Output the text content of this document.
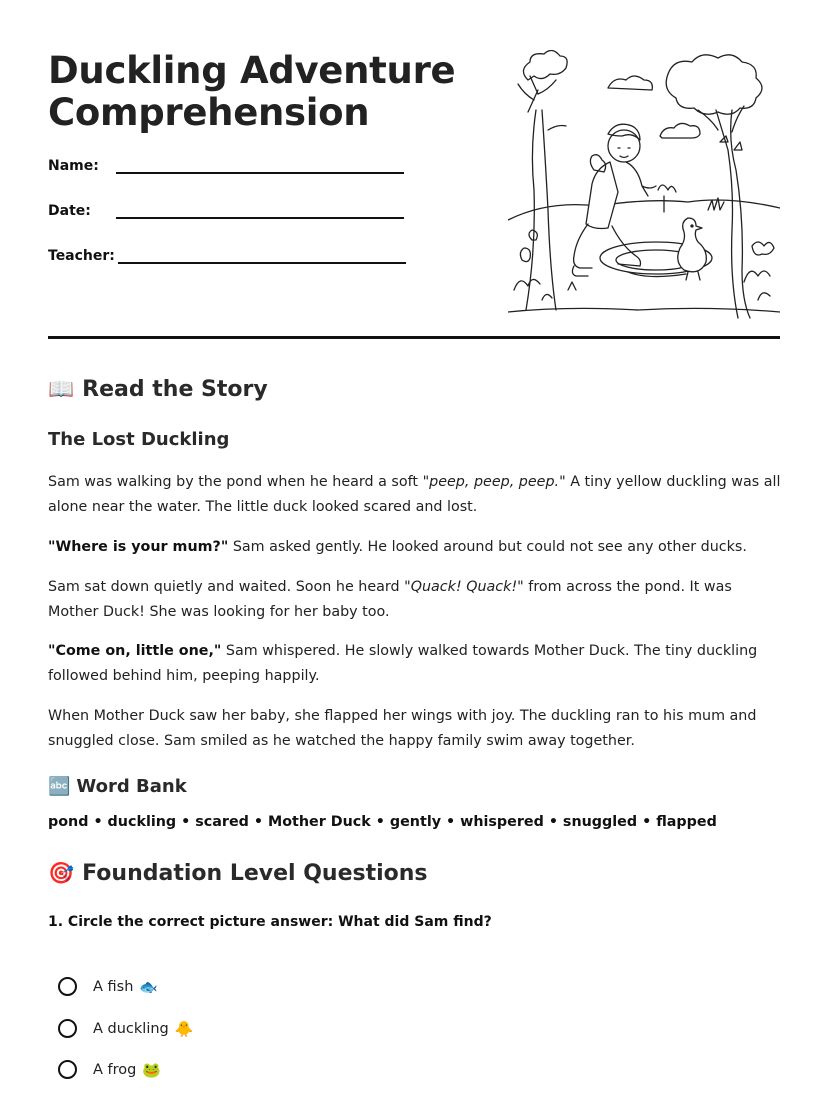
Duckling Adventure
Comprehension
Name:
Date:
Teacher:
📖 Read the Story
The Lost Duckling

Sam was walking by the pond when he heard a soft "peep, peep, peep." A tiny yellow duckling was all alone near the water. The little duck looked scared and lost.

"Where is your mum?" Sam asked gently. He looked around but could not see any other ducks.

Sam sat down quietly and waited. Soon he heard "Quack! Quack!" from across the pond. It was Mother Duck! She was looking for her baby too.

"Come on, little one," Sam whispered. He slowly walked towards Mother Duck. The tiny duckling followed behind him, peeping happily.

When Mother Duck saw her baby, she flapped her wings with joy. The duckling ran to his mum and snuggled close. Sam smiled as he watched the happy family swim away together.

🔤 Word Bank
pond • duckling • scared • Mother Duck • gently • whispered • snuggled • flapped
🎯 Foundation Level Questions
1. Circle the correct picture answer: What did Sam find?
A fish 🐟
A duckling 🐥
A frog 🐸
